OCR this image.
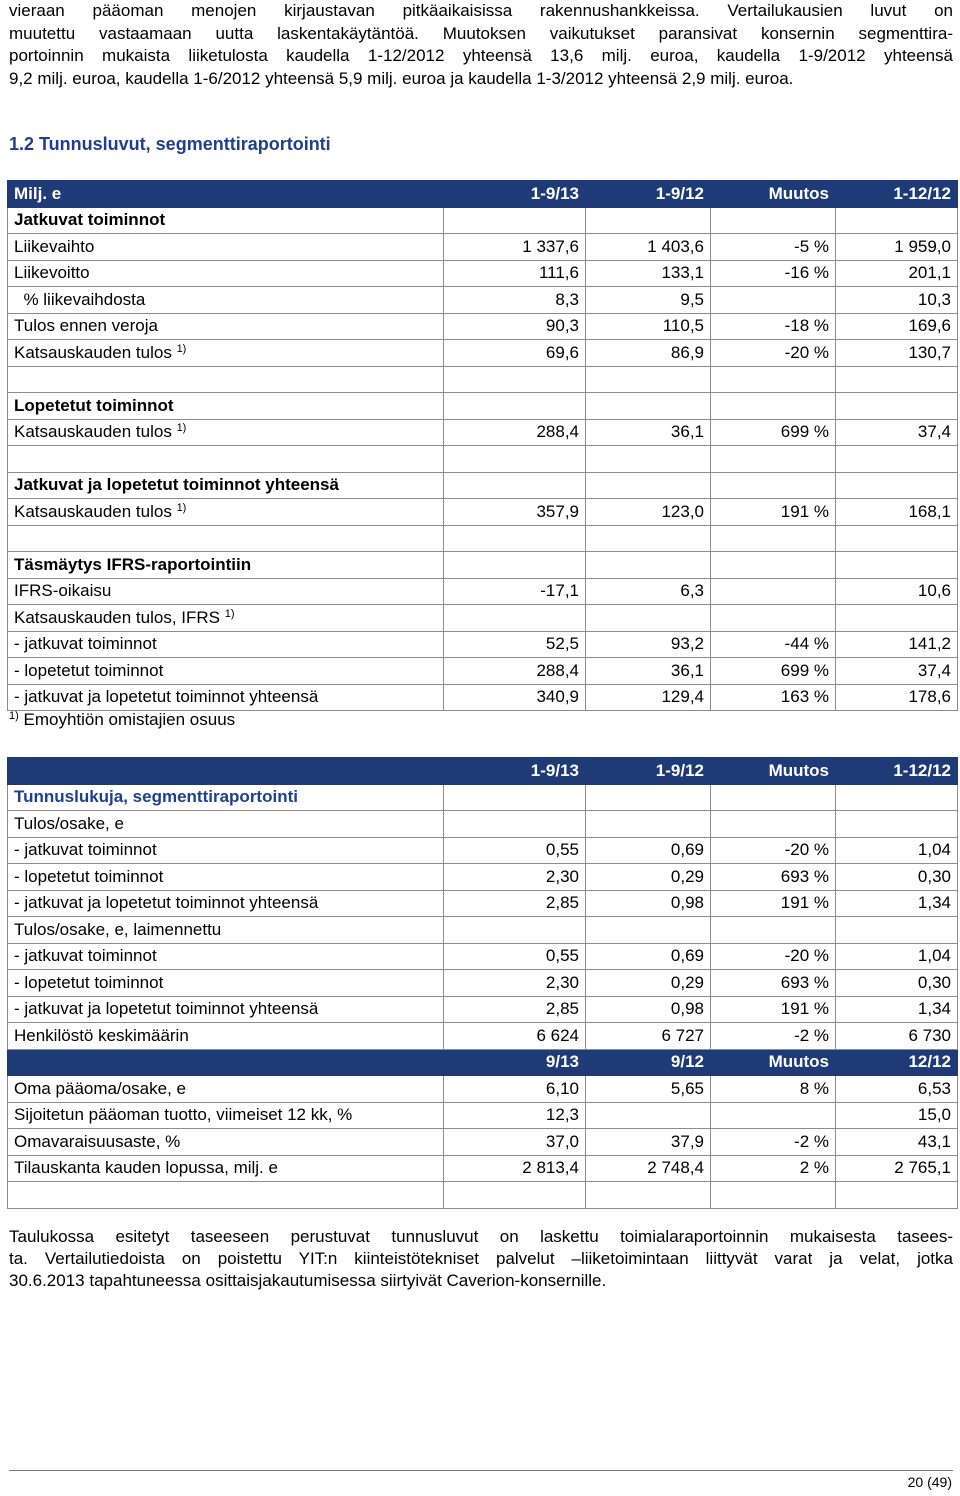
vieraan pääoman menojen kirjaustavan pitkäaikaisissa rakennushankkeissa. Vertailukausien luvut on
muutettu vastaamaan uutta laskentakäytäntöä. Muutoksen vaikutukset paransivat konsernin segmenttira-
portoinnin mukaista liiketulosta kaudella 1-12/2012 yhteensä 13,6 milj. euroa, kaudella 1-9/2012 yhteensä
9,2 milj. euroa, kaudella 1-6/2012 yhteensä 5,9 milj. euroa ja kaudella 1-3/2012 yhteensä 2,9 milj. euroa.
1.2 Tunnusluvut, segmenttiraportointi
Milj. e	1-9/13	1-9/12	Muutos	1-12/12
Jatkuvat toiminnot				
Liikevaihto	1 337,6	1 403,6	-5 %	1 959,0
Liikevoitto	111,6	133,1	-16 %	201,1
% liikevaihdosta	8,3	9,5		10,3
Tulos ennen veroja	90,3	110,5	-18 %	169,6
Katsauskauden tulos $^{1)}$	69,6	86,9	-20 %	130,7

Lopetetut toiminnot				
Katsauskauden tulos $^{1)}$	288,4	36,1	699 %	37,4

Jatkuvat ja lopetetut toiminnot yhteensä				
Katsauskauden tulos $^{1)}$	357,9	123,0	191 %	168,1

Täsmäytys IFRS-raportointiin				
IFRS-oikaisu	-17,1	6,3		10,6
Katsauskauden tulos, IFRS $^{1)}$				
- jatkuvat toiminnot	52,5	93,2	-44 %	141,2
- lopetetut toiminnot	288,4	36,1	699 %	37,4
- jatkuvat ja lopetetut toiminnot yhteensä	340,9	129,4	163 %	178,6
$^{1)}$ Emoyhtiön omistajien osuus
	1-9/13	1-9/12	Muutos	1-12/12
Tunnuslukuja, segmenttiraportointi				
Tulos/osake, e				
- jatkuvat toiminnot	0,55	0,69	-20 %	1,04
- lopetetut toiminnot	2,30	0,29	693 %	0,30
- jatkuvat ja lopetetut toiminnot yhteensä	2,85	0,98	191 %	1,34
Tulos/osake, e, laimennettu				
- jatkuvat toiminnot	0,55	0,69	-20 %	1,04
- lopetetut toiminnot	2,30	0,29	693 %	0,30
- jatkuvat ja lopetetut toiminnot yhteensä	2,85	0,98	191 %	1,34
Henkilöstö keskimäärin	6 624	6 727	-2 %	6 730
	9/13	9/12	Muutos	12/12
Oma pääoma/osake, e	6,10	5,65	8 %	6,53
Sijoitetun pääoman tuotto, viimeiset 12 kk, %	12,3			15,0
Omavaraisuusaste, %	37,0	37,9	-2 %	43,1
Tilauskanta kauden lopussa, milj. e	2 813,4	2 748,4	2 %	2 765,1

Taulukossa esitetyt taseeseen perustuvat tunnusluvut on laskettu toimialaraportoinnin mukaisesta tasees-
ta. Vertailutiedoista on poistettu YIT:n kiinteistötekniset palvelut –liiketoimintaan liittyvät varat ja velat, jotka
30.6.2013 tapahtuneessa osittaisjakautumisessa siirtyivät Caverion-konsernille.
20 (49)
